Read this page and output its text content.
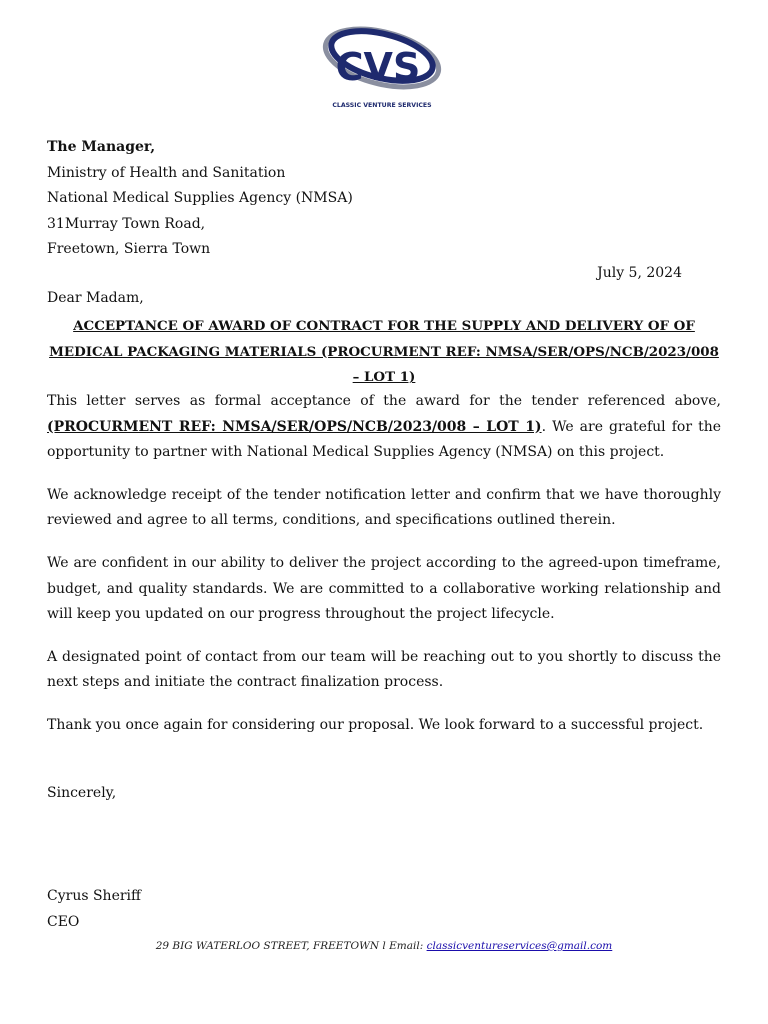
CVS
CLASSIC VENTURE SERVICES
The Manager,
Ministry of Health and Sanitation
National Medical Supplies Agency (NMSA)
31Murray Town Road,
Freetown, Sierra Town
July 5, 2024
Dear Madam,
ACCEPTANCE OF AWARD OF CONTRACT FOR THE SUPPLY AND DELIVERY OF OF MEDICAL PACKAGING MATERIALS (PROCURMENT REF: NMSA/SER/OPS/NCB/2023/008 – LOT 1)

This letter serves as formal acceptance of the award for the tender referenced above, (PROCURMENT REF: NMSA/SER/OPS/NCB/2023/008 – LOT 1). We are grateful for the opportunity to partner with National Medical Supplies Agency (NMSA) on this project.

We acknowledge receipt of the tender notification letter and confirm that we have thoroughly reviewed and agree to all terms, conditions, and specifications outlined therein.

We are confident in our ability to deliver the project according to the agreed-upon timeframe, budget, and quality standards. We are committed to a collaborative working relationship and will keep you updated on our progress throughout the project lifecycle.

A designated point of contact from our team will be reaching out to you shortly to discuss the next steps and initiate the contract finalization process.

Thank you once again for considering our proposal. We look forward to a successful project.

Sincerely,
Cyrus Sheriff
CEO
29 BIG WATERLOO STREET, FREETOWN l Email: classicventureservices@gmail.com
